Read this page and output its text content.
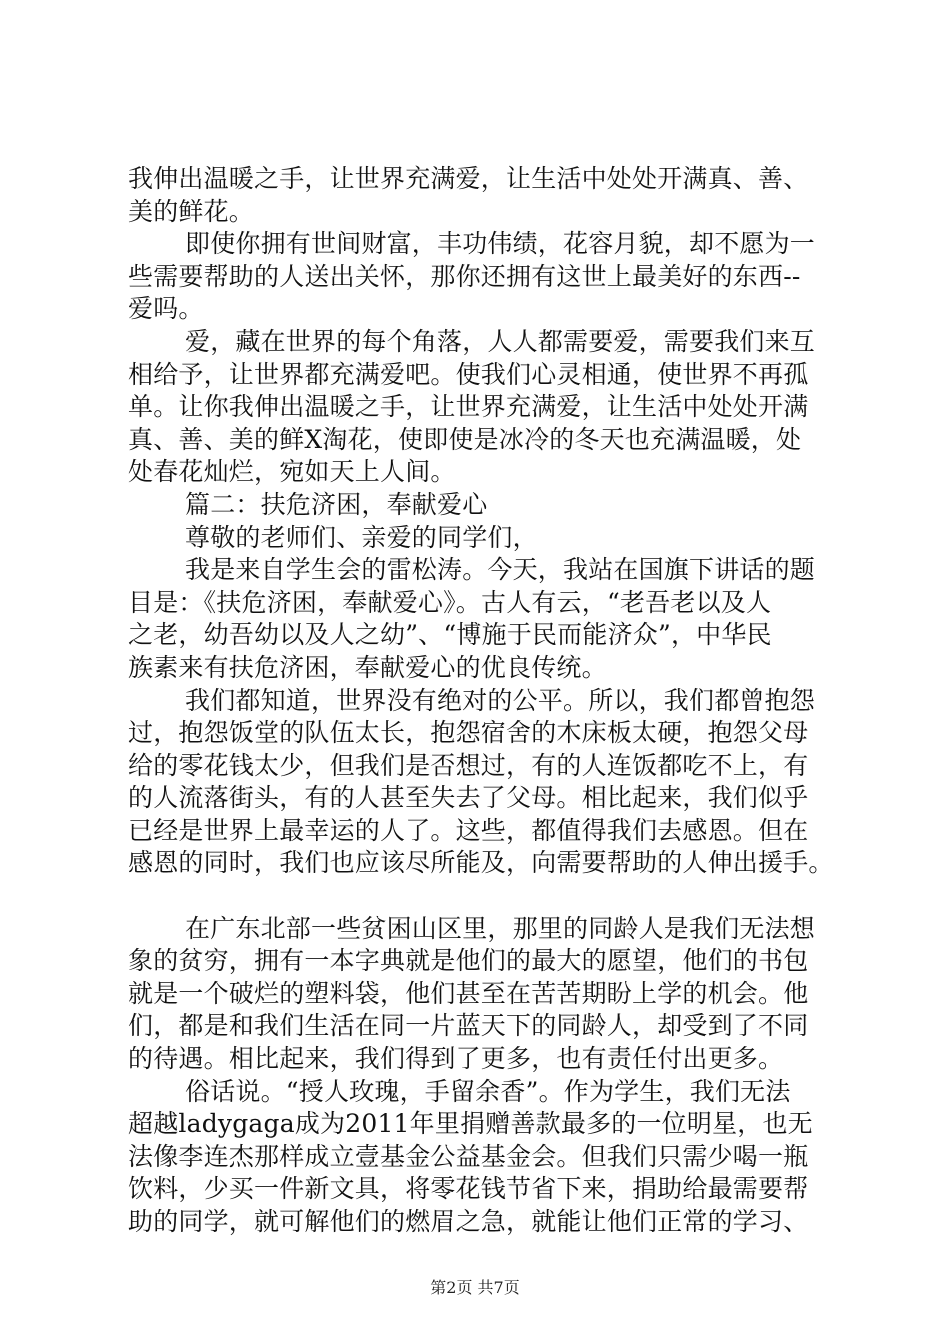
我伸出温暖之手，让世界充满爱，让生活中处处开满真、善、
美的鲜花。
即使你拥有世间财富，丰功伟绩，花容月貌，却不愿为一
些需要帮助的人送出关怀，那你还拥有这世上最美好的东西--
爱吗。
爱，藏在世界的每个角落，人人都需要爱，需要我们来互
相给予，让世界都充满爱吧。使我们心灵相通，使世界不再孤
单。让你我伸出温暖之手，让世界充满爱，让生活中处处开满
真、善、美的鲜X淘花，使即使是冰冷的冬天也充满温暖，处
处春花灿烂，宛如天上人间。
篇二：扶危济困，奉献爱心
尊敬的老师们、亲爱的同学们，
我是来自学生会的雷松涛。今天，我站在国旗下讲话的题
目是：《扶危济困，奉献爱心》。古人有云，“老吾老以及人
之老，幼吾幼以及人之幼”、“博施于民而能济众”，中华民
族素来有扶危济困，奉献爱心的优良传统。
我们都知道，世界没有绝对的公平。所以，我们都曾抱怨
过，抱怨饭堂的队伍太长，抱怨宿舍的木床板太硬，抱怨父母
给的零花钱太少，但我们是否想过，有的人连饭都吃不上，有
的人流落街头，有的人甚至失去了父母。相比起来，我们似乎
已经是世界上最幸运的人了。这些，都值得我们去感恩。但在
感恩的同时，我们也应该尽所能及，向需要帮助的人伸出援手。
在广东北部一些贫困山区里，那里的同龄人是我们无法想
象的贫穷，拥有一本字典就是他们的最大的愿望，他们的书包
就是一个破烂的塑料袋，他们甚至在苦苦期盼上学的机会。他
们，都是和我们生活在同一片蓝天下的同龄人，却受到了不同
的待遇。相比起来，我们得到了更多，也有责任付出更多。
俗话说。“授人玫瑰，手留余香”。作为学生，我们无法
超越ladygaga成为2011年里捐赠善款最多的一位明星，也无
法像李连杰那样成立壹基金公益基金会。但我们只需少喝一瓶
饮料，少买一件新文具，将零花钱节省下来，捐助给最需要帮
助的同学，就可解他们的燃眉之急，就能让他们正常的学习、
第2页 共7页
